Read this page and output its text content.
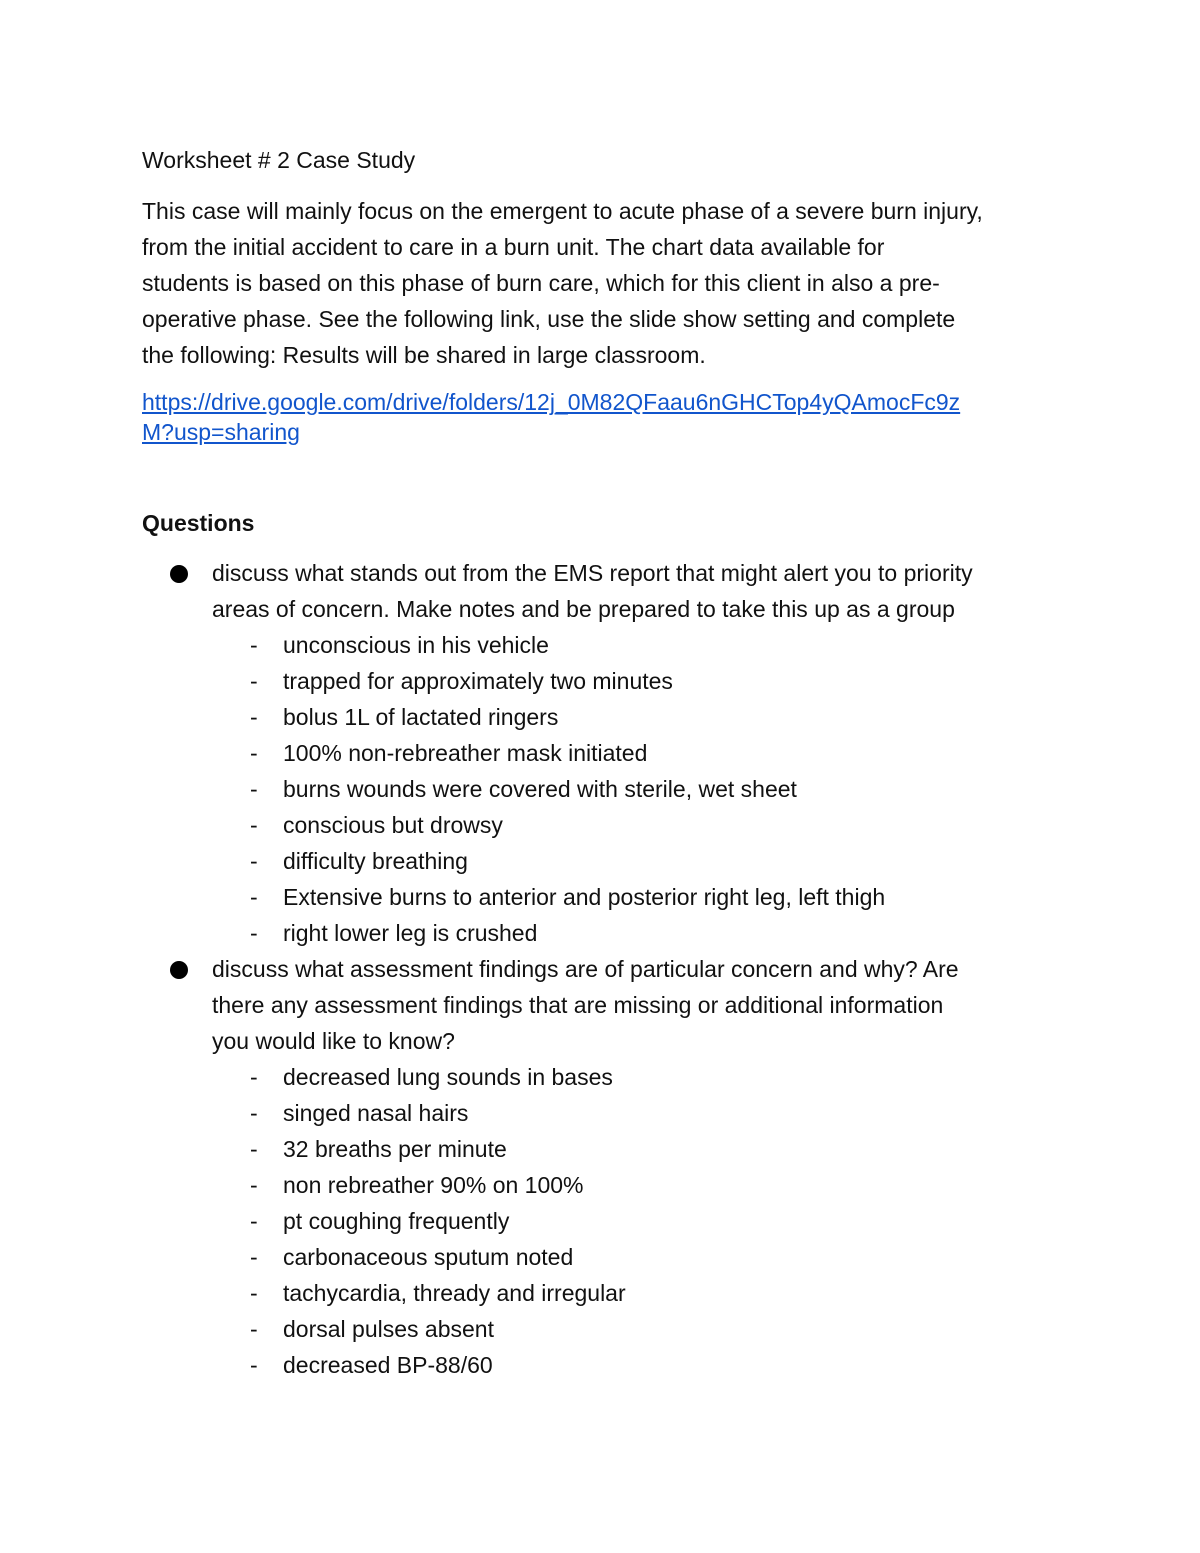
Worksheet # 2 Case Study

This case will mainly focus on the emergent to acute phase of a severe burn injury,
from the initial accident to care in a burn unit. The chart data available for
students is based on this phase of burn care, which for this client in also a pre-
operative phase. See the following link, use the slide show setting and complete
the following: Results will be shared in large classroom.

https://drive.google.com/drive/folders/12j_0M82QFaau6nGHCTop4yQAmocFc9z
M?usp=sharing
Questions
discuss what stands out from the EMS report that might alert you to priority
areas of concern. Make notes and be prepared to take this up as a group
- unconscious in his vehicle
- trapped for approximately two minutes
- bolus 1L of lactated ringers
- 100% non-rebreather mask initiated
- burns wounds were covered with sterile, wet sheet
- conscious but drowsy
- difficulty breathing
- Extensive burns to anterior and posterior right leg, left thigh
- right lower leg is crushed
discuss what assessment findings are of particular concern and why? Are
there any assessment findings that are missing or additional information
you would like to know?
- decreased lung sounds in bases
- singed nasal hairs
- 32 breaths per minute
- non rebreather 90% on 100%
- pt coughing frequently
- carbonaceous sputum noted
- tachycardia, thready and irregular
- dorsal pulses absent
- decreased BP-88/60
